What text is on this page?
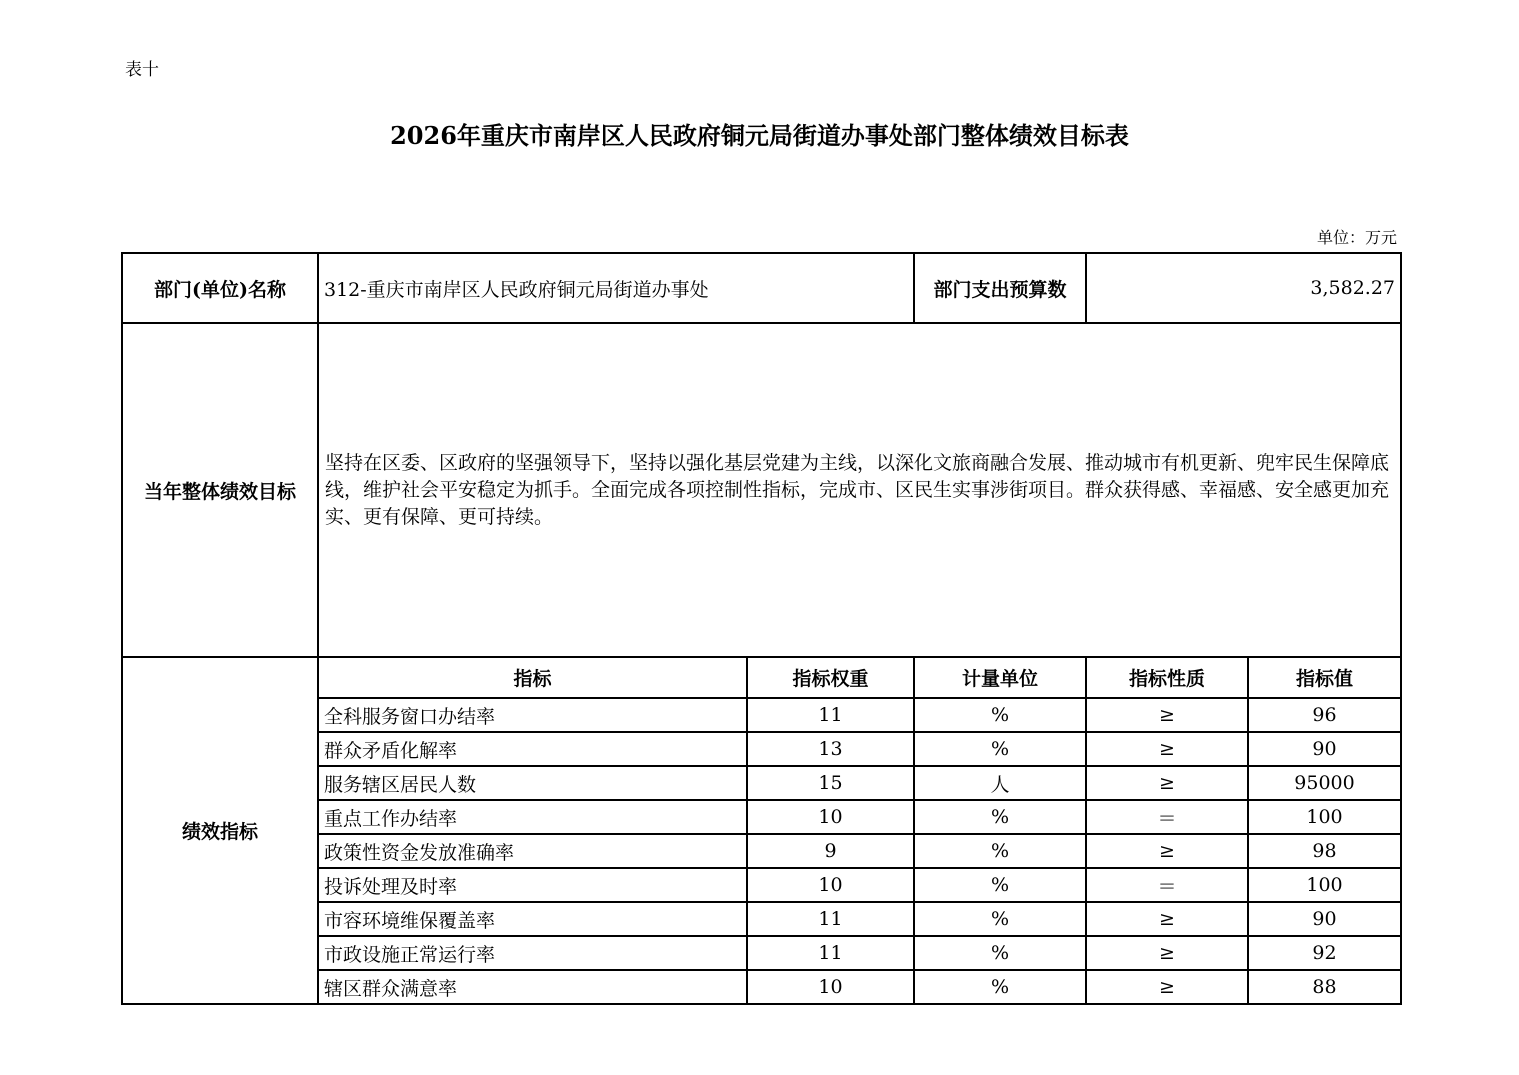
表十
2026年重庆市南岸区人民政府铜元局街道办事处部门整体绩效目标表
单位：万元
部门(单位)名称	312-重庆市南岸区人民政府铜元局街道办事处		部门支出预算数	3,582.27	
当年整体绩效目标	坚持在区委、区政府的坚强领导下，坚持以强化基层党建为主线，以深化文旅商融合发展、推动城市有机更新、兜牢民生保障底线，维护社会平安稳定为抓手。全面完成各项控制性指标，完成市、区民生实事涉街项目。群众获得感、幸福感、安全感更加充实、更有保障、更可持续。				
绩效指标	指标	指标权重	计量单位	指标性质	指标值
	全科服务窗口办结率	11	%	≥	96
	群众矛盾化解率	13	%	≥	90
	服务辖区居民人数	15	人	≥	95000
	重点工作办结率	10	%	＝	100
	政策性资金发放准确率	9	%	≥	98
	投诉处理及时率	10	%	＝	100
	市容环境维保覆盖率	11	%	≥	90
	市政设施正常运行率	11	%	≥	92
	辖区群众满意率	10	%	≥	88
